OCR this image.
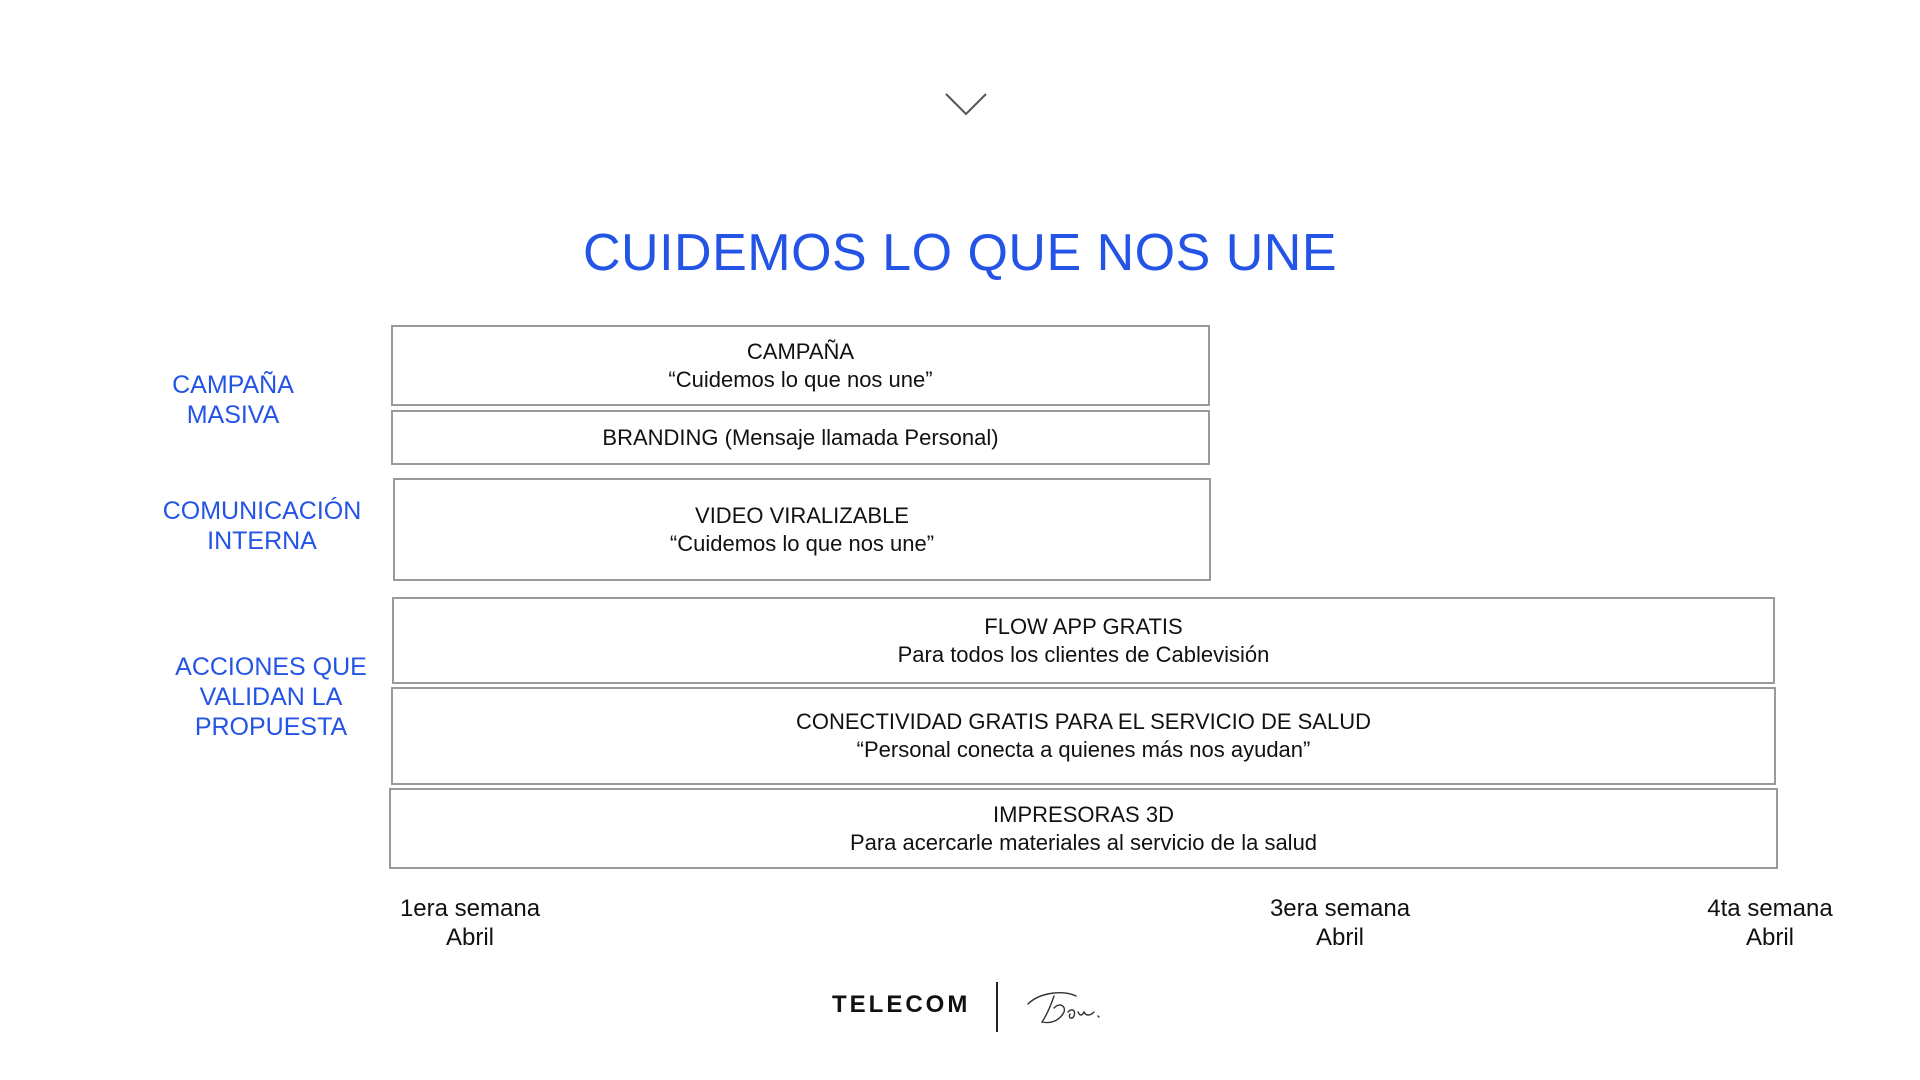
CUIDEMOS LO QUE NOS UNE
CAMPAÑA
MASIVA
COMUNICACIÓN
INTERNA
ACCIONES QUE
VALIDAN LA
PROPUESTA
CAMPAÑA
“Cuidemos lo que nos une”
BRANDING (Mensaje llamada Personal)
VIDEO VIRALIZABLE
“Cuidemos lo que nos une”
FLOW APP GRATIS
Para todos los clientes de Cablevisión
CONECTIVIDAD GRATIS PARA EL SERVICIO DE SALUD
“Personal conecta a quienes más nos ayudan”
IMPRESORAS 3D
Para acercarle materiales al servicio de la salud
1era semana
Abril
3era semana
Abril
4ta semana
Abril
TELECOM
